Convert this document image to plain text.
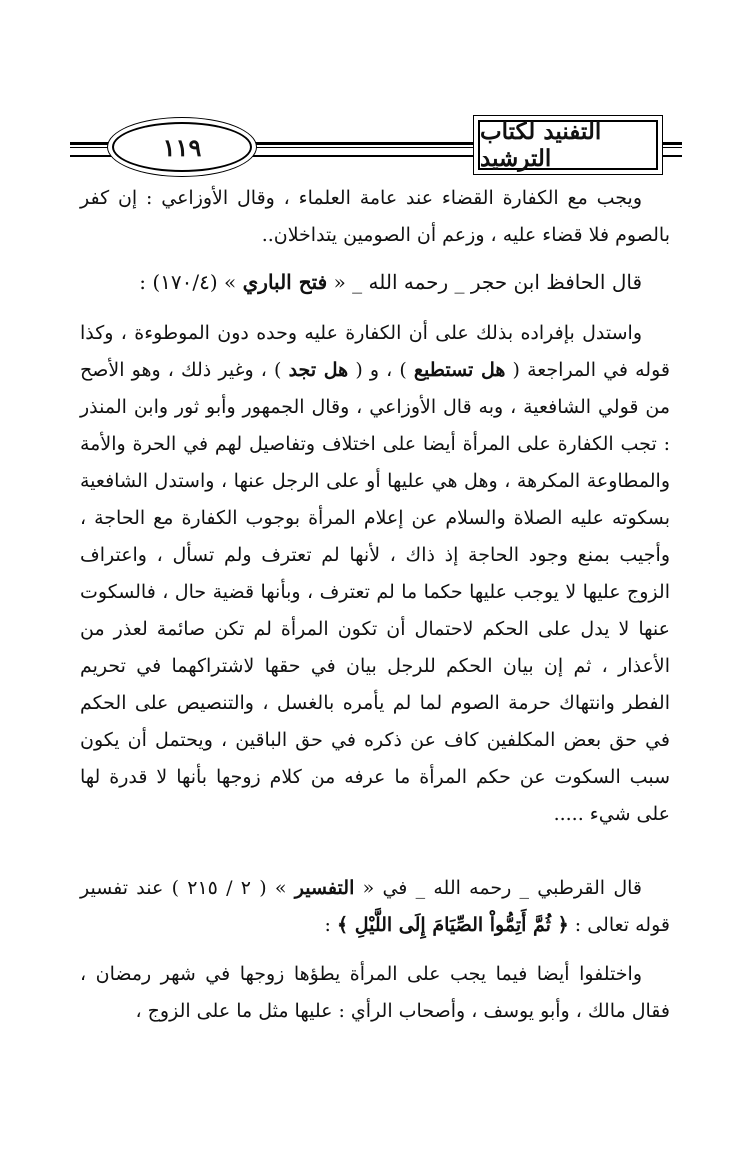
١١٩
التفنيد لكتاب الترشيد

ويجب مع الكفارة القضاء عند عامة العلماء ، وقال الأوزاعي : إن كفر بالصوم فلا قضاء عليه ، وزعم أن الصومين يتداخلان..

قال الحافظ ابن حجر _ رحمه الله _ « فتح الباري » (١٧٠/٤) :

واستدل بإفراده بذلك على أن الكفارة عليه وحده دون الموطوءة ، وكذا قوله في المراجعة ( هل تستطيع ) ، و ( هل تجد ) ، وغير ذلك ، وهو الأصح من قولي الشافعية ، وبه قال الأوزاعي ، وقال الجمهور وأبو ثور وابن المنذر : تجب الكفارة على المرأة أيضا على اختلاف وتفاصيل لهم في الحرة والأمة والمطاوعة المكرهة ، وهل هي عليها أو على الرجل عنها ، واستدل الشافعية بسكوته عليه الصلاة والسلام عن إعلام المرأة بوجوب الكفارة مع الحاجة ، وأجيب بمنع وجود الحاجة إذ ذاك ، لأنها لم تعترف ولم تسأل ، واعتراف الزوج عليها لا يوجب عليها حكما ما لم تعترف ، وبأنها قضية حال ، فالسكوت عنها لا يدل على الحكم لاحتمال أن تكون المرأة لم تكن صائمة لعذر من الأعذار ، ثم إن بيان الحكم للرجل بيان في حقها لاشتراكهما في تحريم الفطر وانتهاك حرمة الصوم لما لم يأمره بالغسل ، والتنصيص على الحكم في حق بعض المكلفين كاف عن ذكره في حق الباقين ، ويحتمل أن يكون سبب السكوت عن حكم المرأة ما عرفه من كلام زوجها بأنها لا قدرة لها على شيء .....

قال القرطبي _ رحمه الله _ في « التفسير » ( ٢ / ٢١٥ ) عند تفسير قوله تعالى : ﴿ ثُمَّ أَتِمُّواْ الصِّيَامَ إِلَى اللَّيْلِ ﴾ :

واختلفوا أيضا فيما يجب على المرأة يطؤها زوجها في شهر رمضان ، فقال مالك ، وأبو يوسف ، وأصحاب الرأي : عليها مثل ما على الزوج ،
